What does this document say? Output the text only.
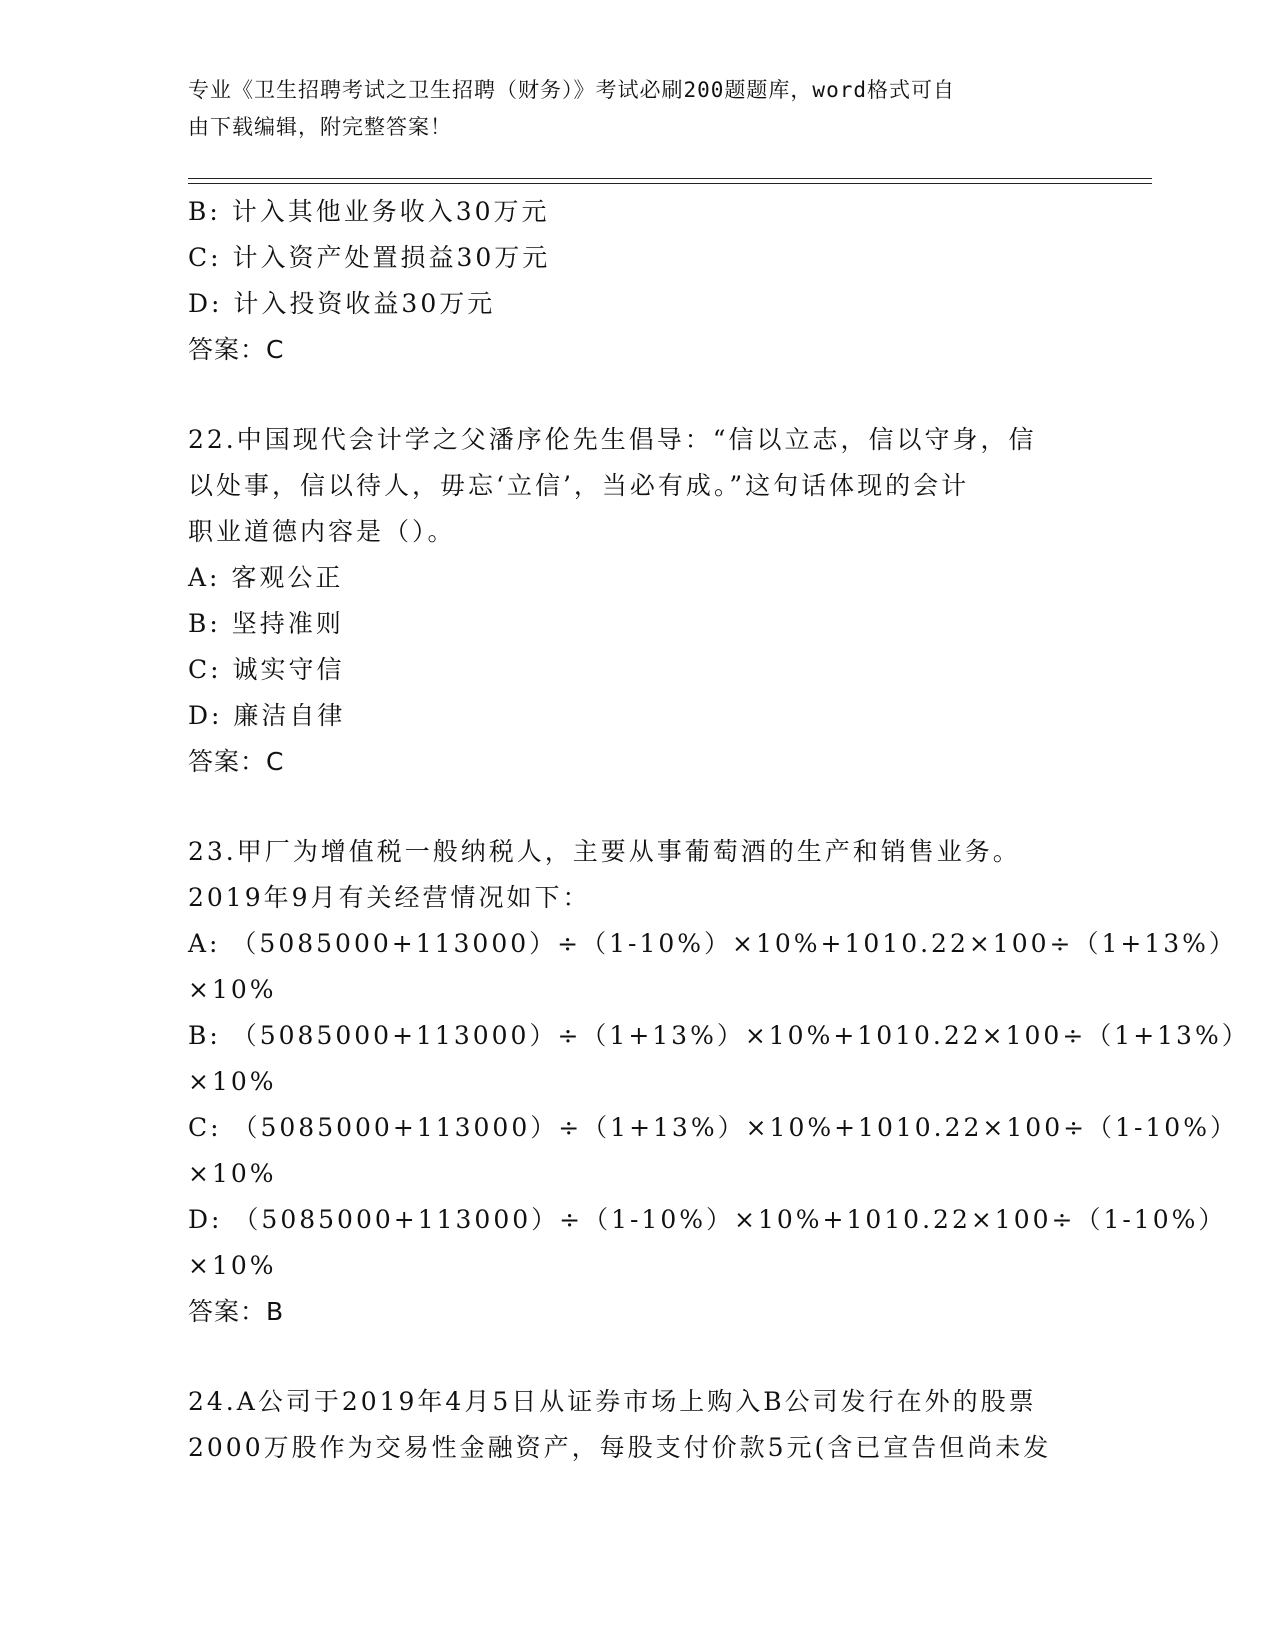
专业《卫生招聘考试之卫生招聘（财务）》考试必刷200题题库，word格式可自
由下载编辑，附完整答案！
B: 计入其他业务收入30万元
C: 计入资产处置损益30万元
D: 计入投资收益30万元
答案：C
22.中国现代会计学之父潘序伦先生倡导：“信以立志，信以守身，信
以处事，信以待人，毋忘‘立信’，当必有成。”这句话体现的会计
职业道德内容是（）。
A: 客观公正
B: 坚持准则
C: 诚实守信
D: 廉洁自律
答案：C
23.甲厂为增值税一般纳税人，主要从事葡萄酒的生产和销售业务。
2019年9月有关经营情况如下：
A: （5085000+113000）÷（1-10%）×10%+1010.22×100÷（1+13%）
×10%
B: （5085000+113000）÷（1+13%）×10%+1010.22×100÷（1+13%）
×10%
C: （5085000+113000）÷（1+13%）×10%+1010.22×100÷（1-10%）
×10%
D: （5085000+113000）÷（1-10%）×10%+1010.22×100÷（1-10%）
×10%
答案：B
24.A公司于2019年4月5日从证券市场上购入B公司发行在外的股票
2000万股作为交易性金融资产，每股支付价款5元(含已宣告但尚未发
